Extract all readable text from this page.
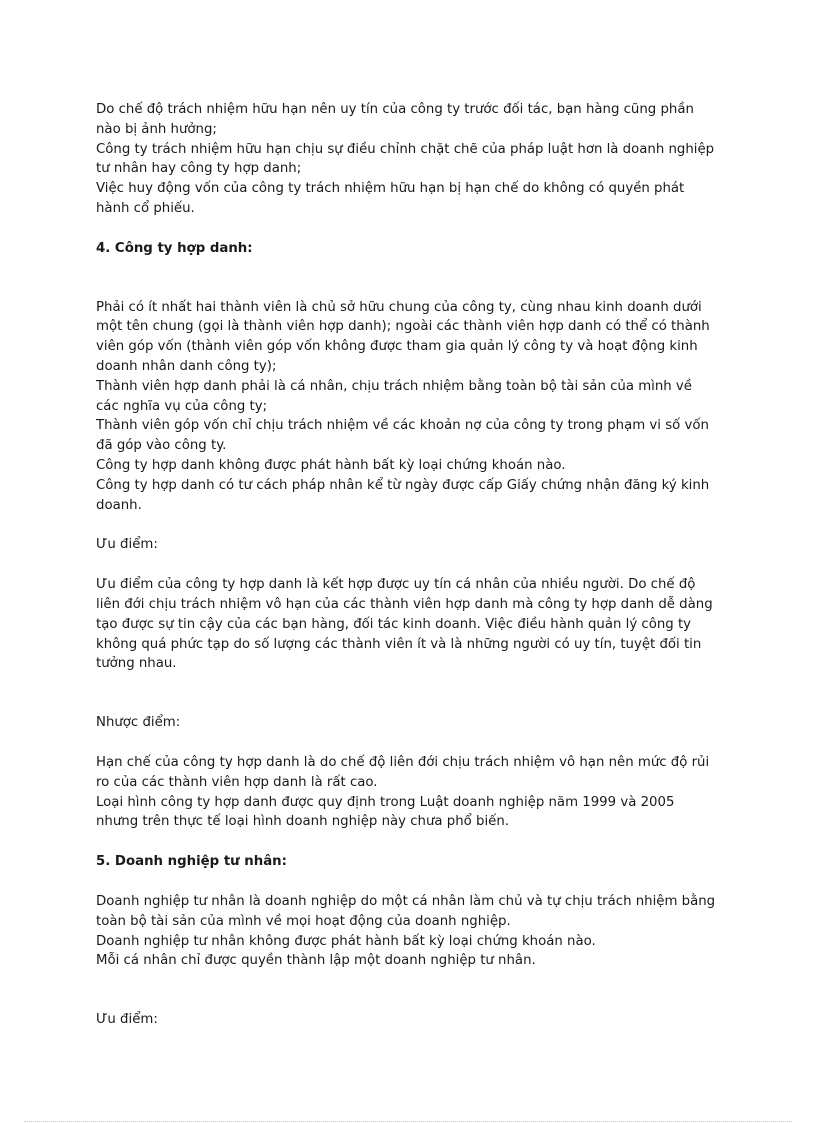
Do chế độ trách nhiệm hữu hạn nên uy tín của công ty trước đối tác, bạn hàng cũng phần
nào bị ảnh hưởng;
Công ty trách nhiệm hữu hạn chịu sự điều chỉnh chặt chẽ của pháp luật hơn là doanh nghiệp
tư nhân hay công ty hợp danh;
Việc huy động vốn của công ty trách nhiệm hữu hạn bị hạn chế do không có quyền phát
hành cổ phiếu.
4. Công ty hợp danh:
Phải có ít nhất hai thành viên là chủ sở hữu chung của công ty, cùng nhau kinh doanh dưới
một tên chung (gọi là thành viên hợp danh); ngoài các thành viên hợp danh có thể có thành
viên góp vốn (thành viên góp vốn không được tham gia quản lý công ty và hoạt động kinh
doanh nhân danh công ty);
Thành viên hợp danh phải là cá nhân, chịu trách nhiệm bằng toàn bộ tài sản của mình về
các nghĩa vụ của công ty;
Thành viên góp vốn chỉ chịu trách nhiệm về các khoản nợ của công ty trong phạm vi số vốn
đã góp vào công ty.
Công ty hợp danh không được phát hành bất kỳ loại chứng khoán nào.
Công ty hợp danh có tư cách pháp nhân kể từ ngày được cấp Giấy chứng nhận đăng ký kinh
doanh.
Ưu điểm:
Ưu điểm của công ty hợp danh là kết hợp được uy tín cá nhân của nhiều người. Do chế độ
liên đới chịu trách nhiệm vô hạn của các thành viên hợp danh mà công ty hợp danh dễ dàng
tạo được sự tin cậy của các bạn hàng, đối tác kinh doanh. Việc điều hành quản lý công ty
không quá phức tạp do số lượng các thành viên ít và là những người có uy tín, tuyệt đối tin
tưởng nhau.
Nhược điểm:
Hạn chế của công ty hợp danh là do chế độ liên đới chịu trách nhiệm vô hạn nên mức độ rủi
ro của các thành viên hợp danh là rất cao.
Loại hình công ty hợp danh được quy định trong Luật doanh nghiệp năm 1999 và 2005
nhưng trên thực tế loại hình doanh nghiệp này chưa phổ biến.
5. Doanh nghiệp tư nhân:
Doanh nghiệp tư nhân là doanh nghiệp do một cá nhân làm chủ và tự chịu trách nhiệm bằng
toàn bộ tài sản của mình về mọi hoạt động của doanh nghiệp.
Doanh nghiệp tư nhân không được phát hành bất kỳ loại chứng khoán nào.
Mỗi cá nhân chỉ được quyền thành lập một doanh nghiệp tư nhân.
Ưu điểm:
